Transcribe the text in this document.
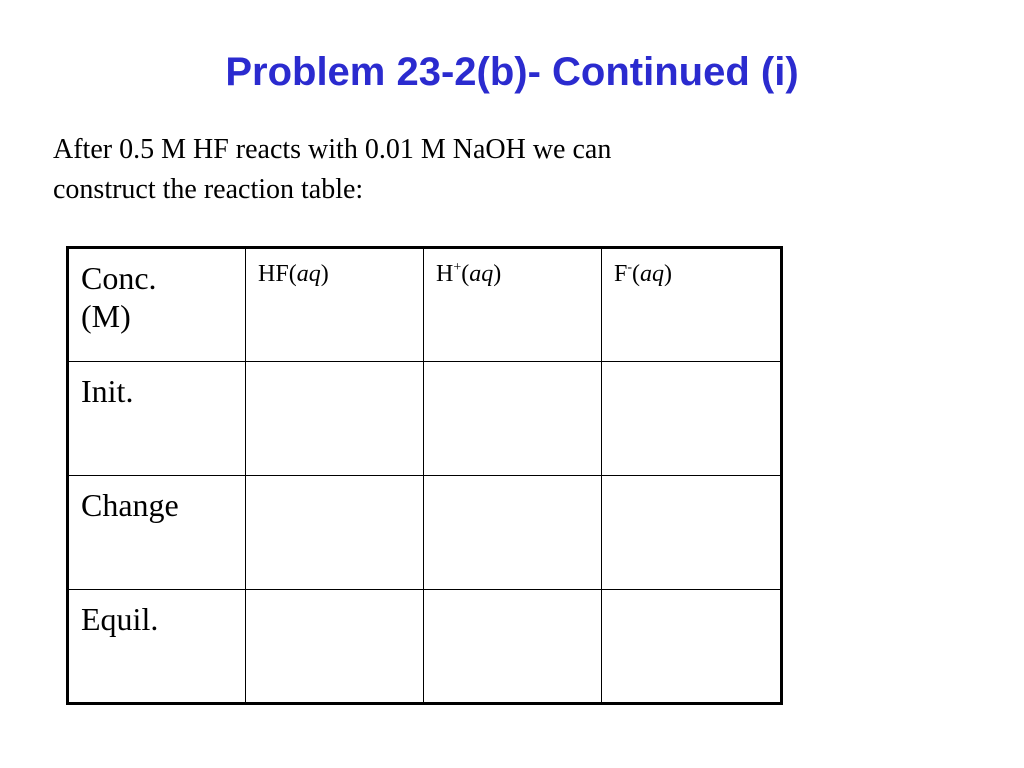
Problem 23-2(b)- Continued (i)
After 0.5 M HF reacts with 0.01 M NaOH we can
construct the reaction table:
Conc.
(M)	HF(aq)	H+(aq)	F-(aq)
Init.			
Change			
Equil.			
